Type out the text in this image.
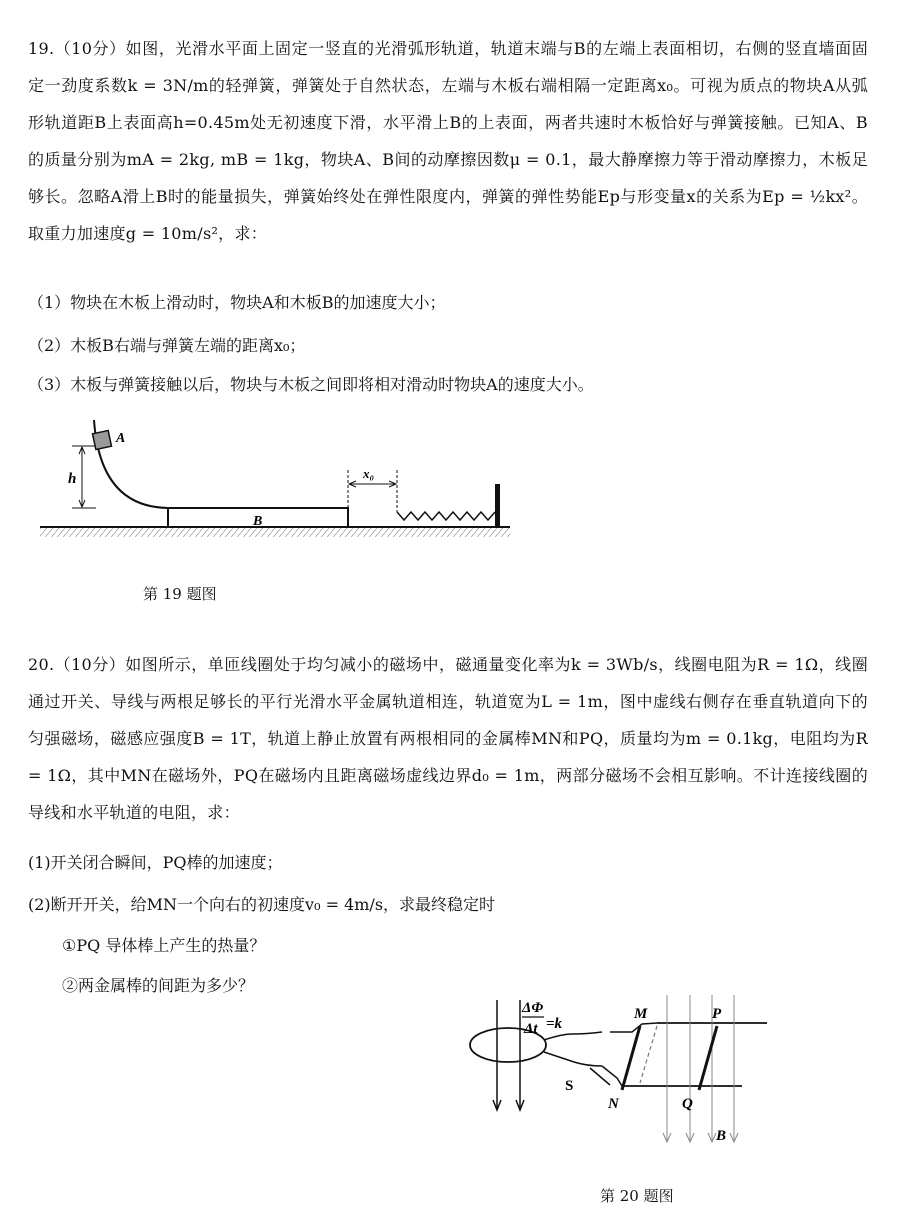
19.（10分）如图，光滑水平面上固定一竖直的光滑弧形轨道，轨道末端与B的左端上表面相切，右侧的竖直墙面固定一劲度系数k = 3N/m的轻弹簧，弹簧处于自然状态，左端与木板右端相隔一定距离x₀。可视为质点的物块A从弧形轨道距B上表面高h=0.45m处无初速度下滑，水平滑上B的上表面，两者共速时木板恰好与弹簧接触。已知A、B的质量分别为mA = 2kg, mB = 1kg，物块A、B间的动摩擦因数μ = 0.1，最大静摩擦力等于滑动摩擦力，木板足够长。忽略A滑上B时的能量损失，弹簧始终处在弹性限度内，弹簧的弹性势能Ep与形变量x的关系为Ep = ½kx²。取重力加速度g = 10m/s²，求：
（1）物块在木板上滑动时，物块A和木板B的加速度大小；
（2）木板B右端与弹簧左端的距离x₀；
（3）木板与弹簧接触以后，物块与木板之间即将相对滑动时物块A的速度大小。
A
h
B
x₀
第 19 题图
20.（10分）如图所示，单匝线圈处于均匀减小的磁场中，磁通量变化率为k = 3Wb/s，线圈电阻为R = 1Ω，线圈通过开关、导线与两根足够长的平行光滑水平金属轨道相连，轨道宽为L = 1m，图中虚线右侧存在垂直轨道向下的匀强磁场，磁感应强度B = 1T，轨道上静止放置有两根相同的金属棒MN和PQ，质量均为m = 0.1kg，电阻均为R = 1Ω，其中MN在磁场外，PQ在磁场内且距离磁场虚线边界d₀ = 1m，两部分磁场不会相互影响。不计连接线圈的导线和水平轨道的电阻，求：
(1)开关闭合瞬间，PQ棒的加速度；
(2)断开开关，给MN一个向右的初速度v₀ = 4m/s，求最终稳定时
①PQ 导体棒上产生的热量？
②两金属棒的间距为多少？
ΔΦ
Δt =k
S
M	P
N	Q
B
第 20 题图
